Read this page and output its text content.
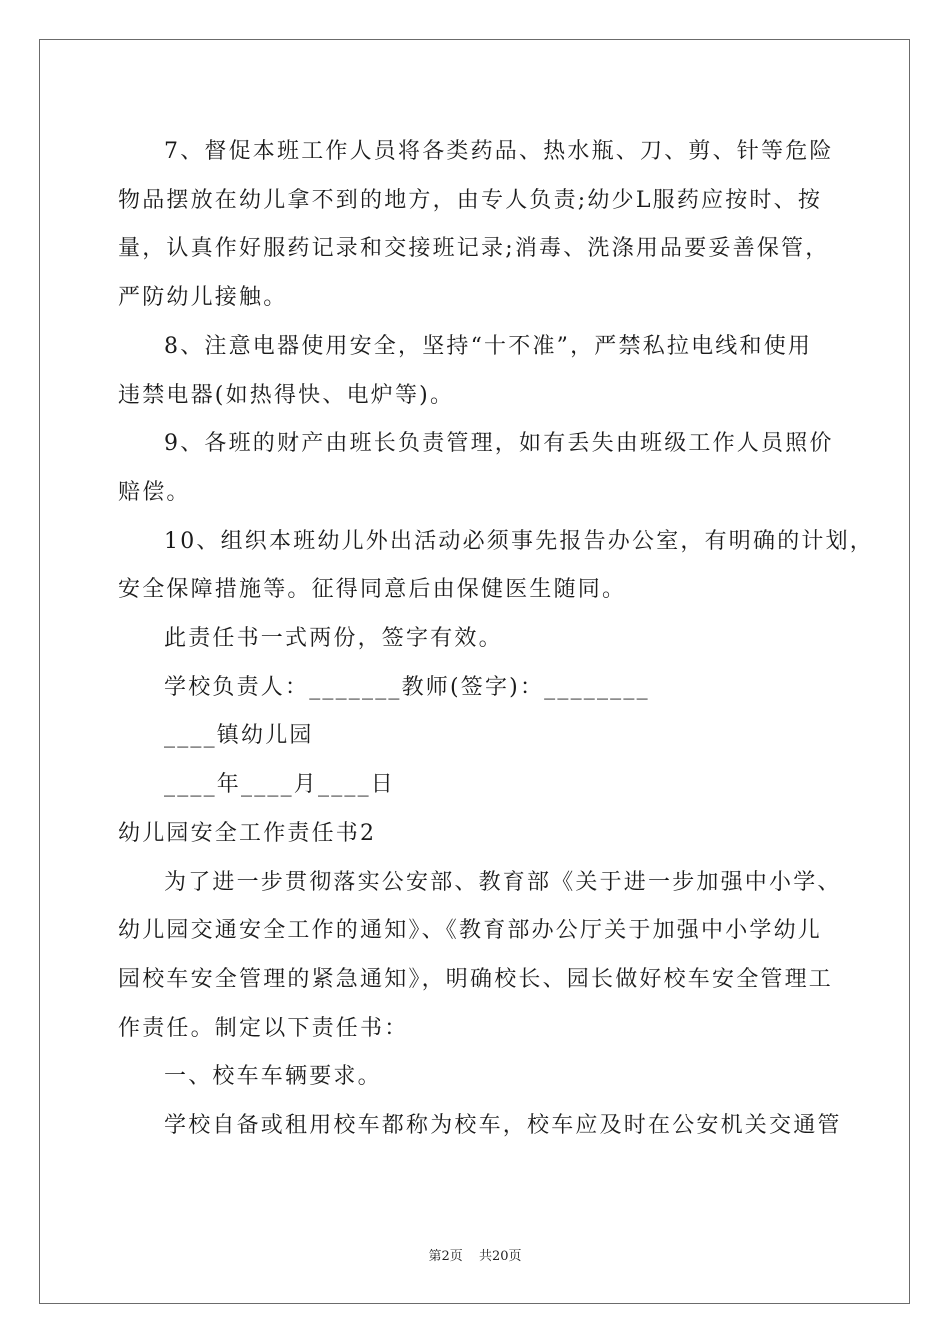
7、督促本班工作人员将各类药品、热水瓶、刀、剪、针等危险

物品摆放在幼儿拿不到的地方，由专人负责;幼少L服药应按时、按

量，认真作好服药记录和交接班记录;消毒、洗涤用品要妥善保管，

严防幼儿接触。

8、注意电器使用安全，坚持“十不准”，严禁私拉电线和使用

违禁电器(如热得快、电炉等)。

9、各班的财产由班长负责管理，如有丢失由班级工作人员照价

赔偿。

10、组织本班幼儿外出活动必须事先报告办公室，有明确的计划，

安全保障措施等。征得同意后由保健医生随同。

此责任书一式两份，签字有效。

学校负责人：_______教师(签字)：________

____镇幼儿园

____年____月____日

幼儿园安全工作责任书2

为了进一步贯彻落实公安部、教育部《关于进一步加强中小学、

幼儿园交通安全工作的通知》、《教育部办公厅关于加强中小学幼儿

园校车安全管理的紧急通知》，明确校长、园长做好校车安全管理工

作责任。制定以下责任书：

一、校车车辆要求。

学校自备或租用校车都称为校车，校车应及时在公安机关交通管

第2页 共20页
